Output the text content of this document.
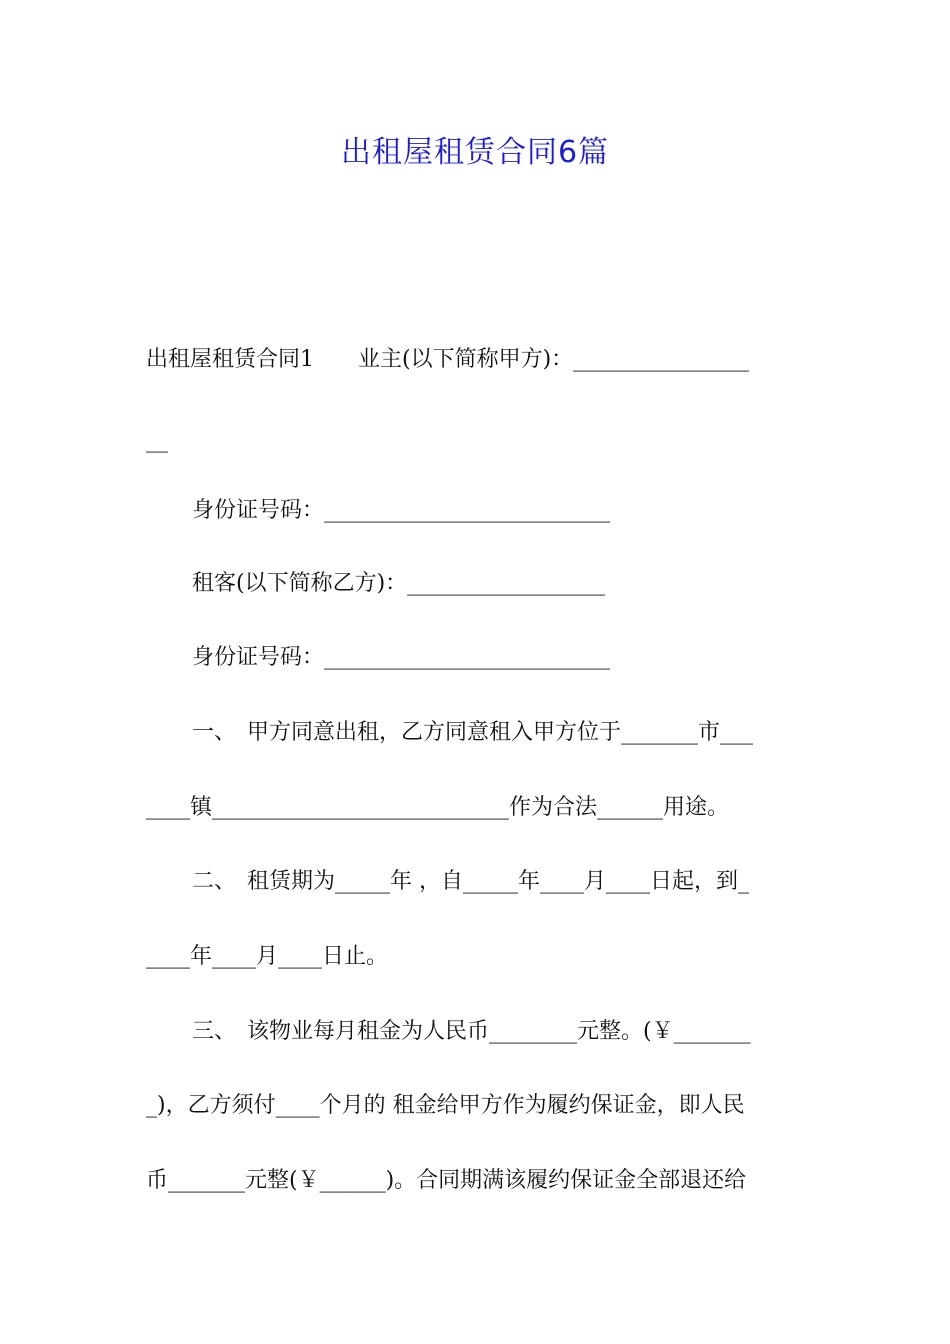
出租屋租赁合同6篇
出租屋租赁合同1　　业主(以下简称甲方)：________________
__
身份证号码：__________________________
租客(以下简称乙方)：__________________
身份证号码：__________________________
一、　甲方同意出租，乙方同意租入甲方位于_______市___
____镇___________________________作为合法______用途。
二、　租赁期为_____年 ，自_____年____月____日起，到_
____年____月____日止。
三、　该物业每月租金为人民币________元整。(￥_______
_)，乙方须付____个月的 租金给甲方作为履约保证金，即人民
币_______元整(￥______)。合同期满该履约保证金全部退还给
